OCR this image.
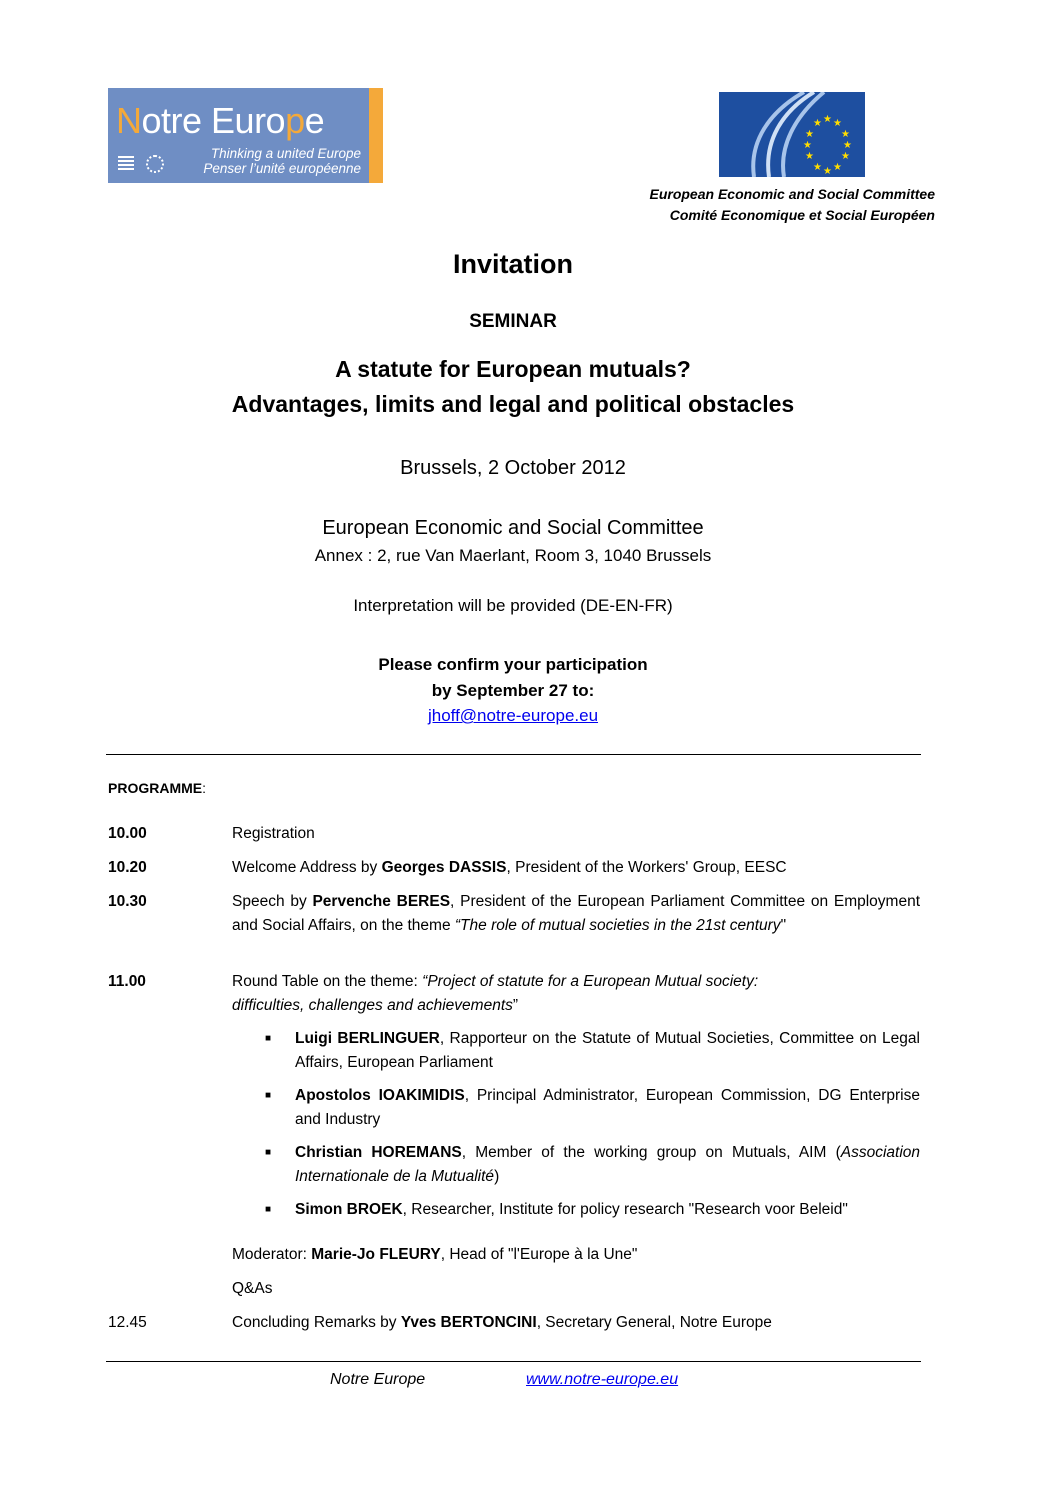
Notre Europe
Thinking a united Europe
Penser l’unité européenne
★ ★
★
★	★
★	★
★	★
★ ★ ★
European Economic and Social Committee
Comité Economique et Social Européen
Invitation
SEMINAR
A statute for European mutuals?
Advantages, limits and legal and political obstacles
Brussels, 2 October 2012
European Economic and Social Committee
Annex : 2, rue Van Maerlant, Room 3, 1040 Brussels
Interpretation will be provided (DE-EN-FR)
Please confirm your participation
by September 27 to:
jhoff@notre-europe.eu
PROGRAMME:
10.00	Registration
10.20	Welcome Address by Georges DASSIS, President of the Workers' Group, EESC
10.30	Speech by Pervenche BERES, President of the European Parliament Committee on Employment and Social Affairs, on the theme “The role of mutual societies in the 21st century"
11.00	Round Table on the theme: “Project of statute for a European Mutual society:
difficulties, challenges and achievements”
■ Luigi BERLINGUER, Rapporteur on the Statute of Mutual Societies, Committee on Legal Affairs, European Parliament
■ Apostolos IOAKIMIDIS, Principal Administrator, European Commission, DG Enterprise and Industry
■ Christian HOREMANS, Member of the working group on Mutuals, AIM (Association Internationale de la Mutualité)
■ Simon BROEK, Researcher, Institute for policy research "Research voor Beleid"
Moderator: Marie-Jo FLEURY, Head of "l'Europe à la Une"
Q&As
12.45	Concluding Remarks by Yves BERTONCINI, Secretary General, Notre Europe
Notre Europe	www.notre-europe.eu
